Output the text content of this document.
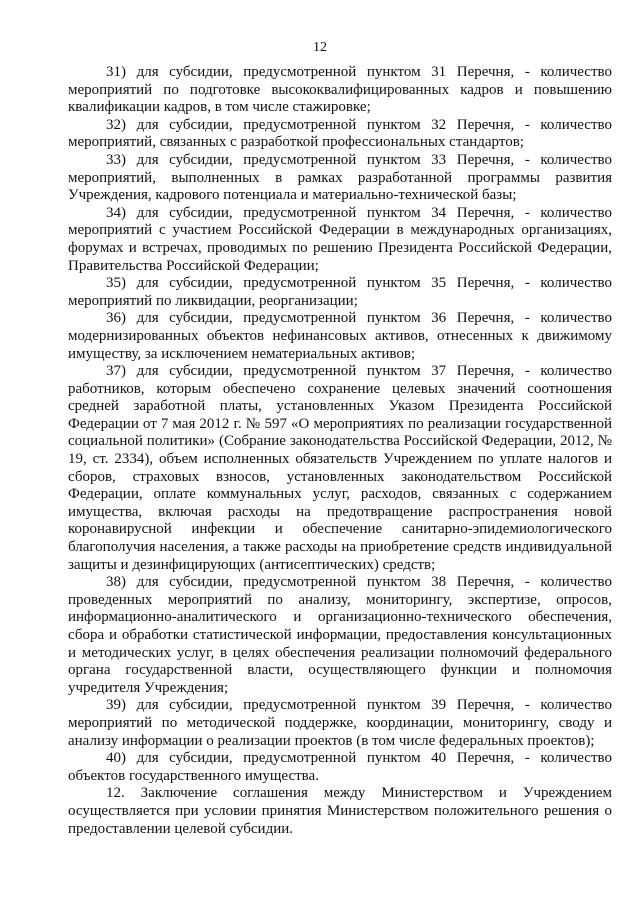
12

31) для субсидии, предусмотренной пунктом 31 Перечня, - количество мероприятий по подготовке высококвалифицированных кадров и повышению квалификации кадров, в том числе стажировке;

32) для субсидии, предусмотренной пунктом 32 Перечня, - количество мероприятий, связанных с разработкой профессиональных стандартов;

33) для субсидии, предусмотренной пунктом 33 Перечня, - количество мероприятий, выполненных в рамках разработанной программы развития Учреждения, кадрового потенциала и материально-технической базы;

34) для субсидии, предусмотренной пунктом 34 Перечня, - количество мероприятий с участием Российской Федерации в международных организациях, форумах и встречах, проводимых по решению Президента Российской Федерации, Правительства Российской Федерации;

35) для субсидии, предусмотренной пунктом 35 Перечня, - количество мероприятий по ликвидации, реорганизации;

36) для субсидии, предусмотренной пунктом 36 Перечня, - количество модернизированных объектов нефинансовых активов, отнесенных к движимому имуществу, за исключением нематериальных активов;

37) для субсидии, предусмотренной пунктом 37 Перечня, - количество работников, которым обеспечено сохранение целевых значений соотношения средней заработной платы, установленных Указом Президента Российской Федерации от 7 мая 2012 г. № 597 «О мероприятиях по реализации государственной социальной политики» (Собрание законодательства Российской Федерации, 2012, № 19, ст. 2334), объем исполненных обязательств Учреждением по уплате налогов и сборов, страховых взносов, установленных законодательством Российской Федерации, оплате коммунальных услуг, расходов, связанных с содержанием имущества, включая расходы на предотвращение распространения новой коронавирусной инфекции и обеспечение санитарно-эпидемиологического благополучия населения, а также расходы на приобретение средств индивидуальной защиты и дезинфицирующих (антисептических) средств;

38) для субсидии, предусмотренной пунктом 38 Перечня, - количество проведенных мероприятий по анализу, мониторингу, экспертизе, опросов, информационно-аналитического и организационно-технического обеспечения, сбора и обработки статистической информации, предоставления консультационных и методических услуг, в целях обеспечения реализации полномочий федерального органа государственной власти, осуществляющего функции и полномочия учредителя Учреждения;

39) для субсидии, предусмотренной пунктом 39 Перечня, - количество мероприятий по методической поддержке, координации, мониторингу, своду и анализу информации о реализации проектов (в том числе федеральных проектов);

40) для субсидии, предусмотренной пунктом 40 Перечня, - количество объектов государственного имущества.

12. Заключение соглашения между Министерством и Учреждением осуществляется при условии принятия Министерством положительного решения о предоставлении целевой субсидии.
